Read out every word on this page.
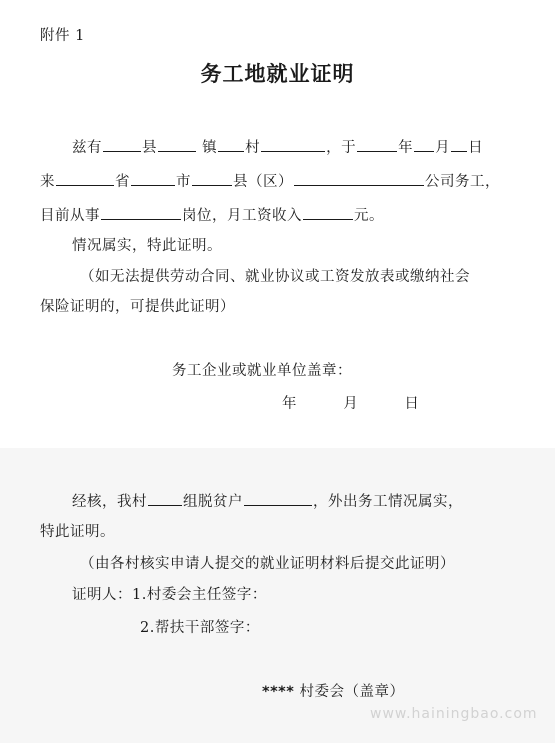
附件 1
务工地就业证明
兹有	县	镇 村	，于	年 月 日
来	省	市	县（区）	公司务工，
目前从事	岗位，月工资收入	元。
情况属实，特此证明。
（如无法提供劳动合同、就业协议或工资发放表或缴纳社会
保险证明的，可提供此证明）
务工企业或就业单位盖章：
年  月  日
经核，我村 组脱贫户	，外出务工情况属实，
特此证明。
（由各村核实申请人提交的就业证明材料后提交此证明）
证明人：1.村委会主任签字：
2.帮扶干部签字：
**** 村委会（盖章）
www.hainingbao.com
